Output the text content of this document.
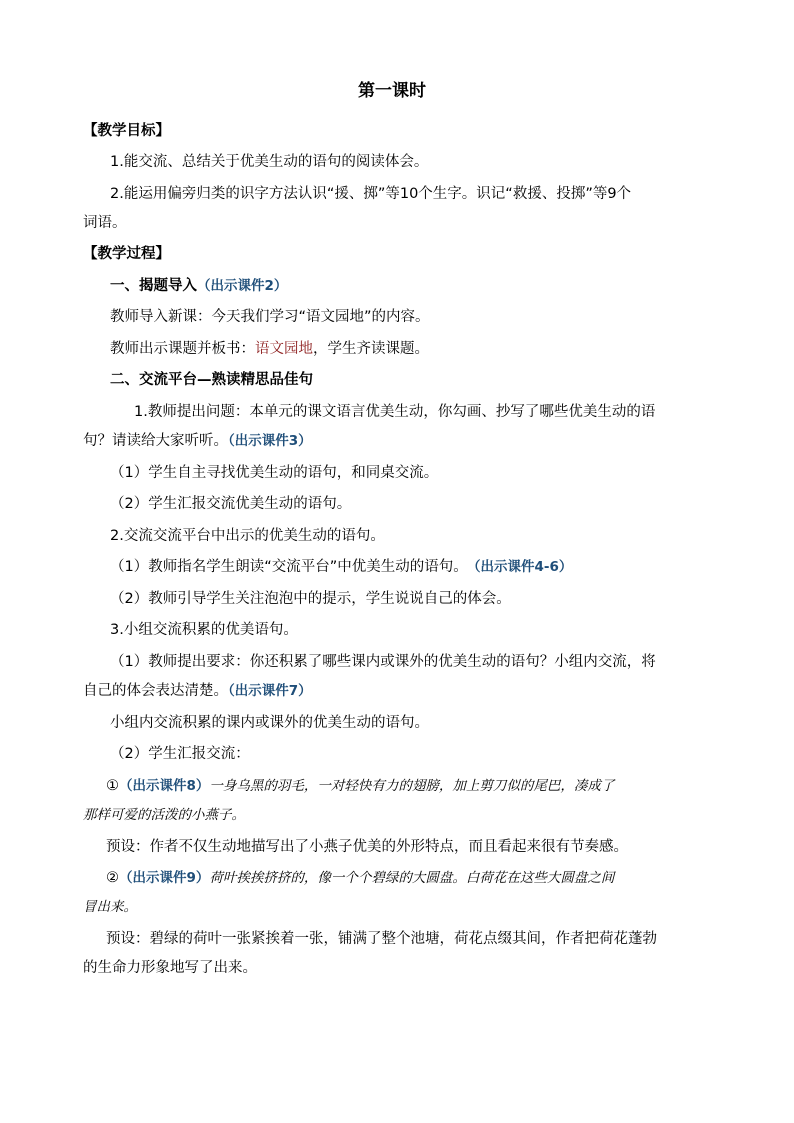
第一课时
【教学目标】
1.能交流、总结关于优美生动的语句的阅读体会。
2.能运用偏旁归类的识字方法认识“援、掷”等10个生字。识记“救援、投掷”等9个
词语。
【教学过程】
一、揭题导入（出示课件2）
教师导入新课：今天我们学习“语文园地”的内容。
教师出示课题并板书：语文园地，学生齐读课题。
二、交流平台—熟读精思品佳句
1.教师提出问题：本单元的课文语言优美生动，你勾画、抄写了哪些优美生动的语
句？请读给大家听听。（出示课件3）
（1）学生自主寻找优美生动的语句，和同桌交流。
（2）学生汇报交流优美生动的语句。
2.交流交流平台中出示的优美生动的语句。
（1）教师指名学生朗读“交流平台”中优美生动的语句。 （出示课件4-6）
（2）教师引导学生关注泡泡中的提示，学生说说自己的体会。
3.小组交流积累的优美语句。
（1）教师提出要求：你还积累了哪些课内或课外的优美生动的语句？小组内交流，将
自己的体会表达清楚。（出示课件7）
小组内交流积累的课内或课外的优美生动的语句。
（2）学生汇报交流：
①（出示课件8）一身乌黑的羽毛，一对轻快有力的翅膀，加上剪刀似的尾巴，凑成了
那样可爱的活泼的小燕子。
预设：作者不仅生动地描写出了小燕子优美的外形特点，而且看起来很有节奏感。
②（出示课件9）荷叶挨挨挤挤的，像一个个碧绿的大圆盘。白荷花在这些大圆盘之间
冒出来。
预设：碧绿的荷叶一张紧挨着一张，铺满了整个池塘，荷花点缀其间，作者把荷花蓬勃
的生命力形象地写了出来。
